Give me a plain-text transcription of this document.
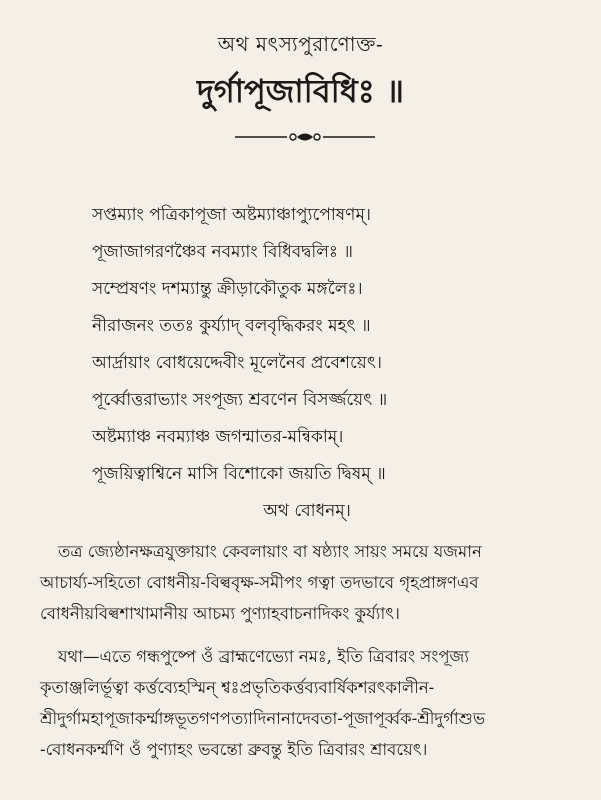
অথ মৎস্যপুরাণোক্ত-
দুর্গাপূজাবিধিঃ ॥
সপ্তম্যাং পত্রিকাপূজা অষ্টম্যাঞ্চাপ্যুপোষণম্।
পূজাজাগরণঞ্চৈব নবম্যাং বিধিবদ্বলিঃ ॥
সম্প্রেষণং দশম্যান্তু ক্রীড়াকৌতুক মঙ্গলৈঃ।
নীরাজনং ততঃ কুর্য্যাদ্ বলবৃদ্ধিকরং মহৎ ॥
আর্দ্রায়াং বোধয়েদ্দেবীং মূলেনৈব প্রবেশয়েৎ।
পূর্ব্বোত্তরাভ্যাং সংপূজ্য শ্রবণেন বিসর্জ্জয়েৎ ॥
অষ্টম্যাঞ্চ নবম্যাঞ্চ জগন্মাতর-মন্বিকাম্।
পূজয়িত্বাশ্বিনে মাসি বিশোকো জয়তি দ্বিষম্ ॥
অথ বোধনম্।
তত্র জ্যেষ্ঠানক্ষত্রযুক্তায়াং কেবলায়াং বা ষষ্ঠ্যাং সায়ং সময়ে যজমান
আচার্য্য-সহিতো বোধনীয়-বিল্ববৃক্ষ-সমীপং গত্বা তদভাবে গৃহপ্রাঙ্গণএব
বোধনীয়বিল্বশাখামানীয় আচম্য পুণ্যাহবাচনাদিকং কুর্য্যাৎ।
যথা—এতে গন্ধপুষ্পে ওঁ ব্রাহ্মণেভ্যো নমঃ, ইতি ত্রিবারং সংপূজ্য
কৃতাঞ্জলির্ভূত্বা কর্ত্তব্যেহস্মিন্ শ্বঃপ্রভৃতিকর্ত্তব্যবার্ষিকশরৎকালীন-
শ্রীদুর্গামহাপূজাকর্ম্মাঙ্গভূতগণপত্যাদিনানাদেবতা-পূজাপূর্ব্বক-শ্রীদুর্গাশুভ
-বোধনকর্ম্মণি ওঁ পুণ্যাহং ভবন্তো ব্রুবন্তু ইতি ত্রিবারং শ্রাবয়েৎ।
